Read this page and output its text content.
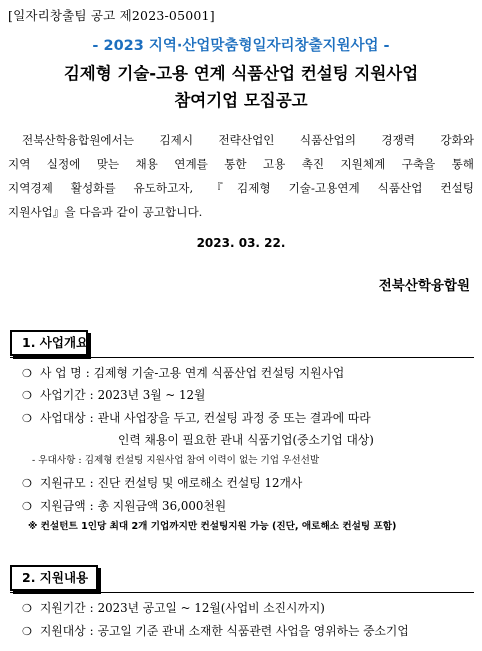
[일자리창출팀 공고 제2023-05001]
- 2023 지역·산업맞춤형일자리창출지원사업 -
김제형 기술-고용 연계 식품산업 컨설팅 지원사업
참여기업 모집공고
전북산학융합원에서는 김제시 전략산업인 식품산업의 경쟁력 강화와
지역 실정에 맞는 채용 연계를 통한 고용 촉진 지원체계 구축을 통해
지역경제 활성화를 유도하고자, 『김제형 기술-고용연계 식품산업 컨설팅
지원사업』을 다음과 같이 공고합니다.
2023. 03. 22.
전북산학융합원
1. 사업개요
❍ 사 업 명 : 김제형 기술-고용 연계 식품산업 컨설팅 지원사업
❍ 사업기간 : 2023년 3월 ~ 12월
❍ 사업대상 : 관내 사업장을 두고, 컨설팅 과정 중 또는 결과에 따라
인력 채용이 필요한 관내 식품기업(중소기업 대상)
- 우대사항 : 김제형 컨설팅 지원사업 참여 이력이 없는 기업 우선선발
❍ 지원규모 : 진단 컨설팅 및 애로해소 컨설팅 12개사
❍ 지원금액 : 총 지원금액 36,000천원
※ 컨설턴트 1인당 최대 2개 기업까지만 컨설팅지원 가능 (진단, 애로해소 컨설팅 포함)
2. 지원내용
❍ 지원기간 : 2023년 공고일 ~ 12월(사업비 소진시까지)
❍ 지원대상 : 공고일 기준 관내 소재한 식품관련 사업을 영위하는 중소기업
